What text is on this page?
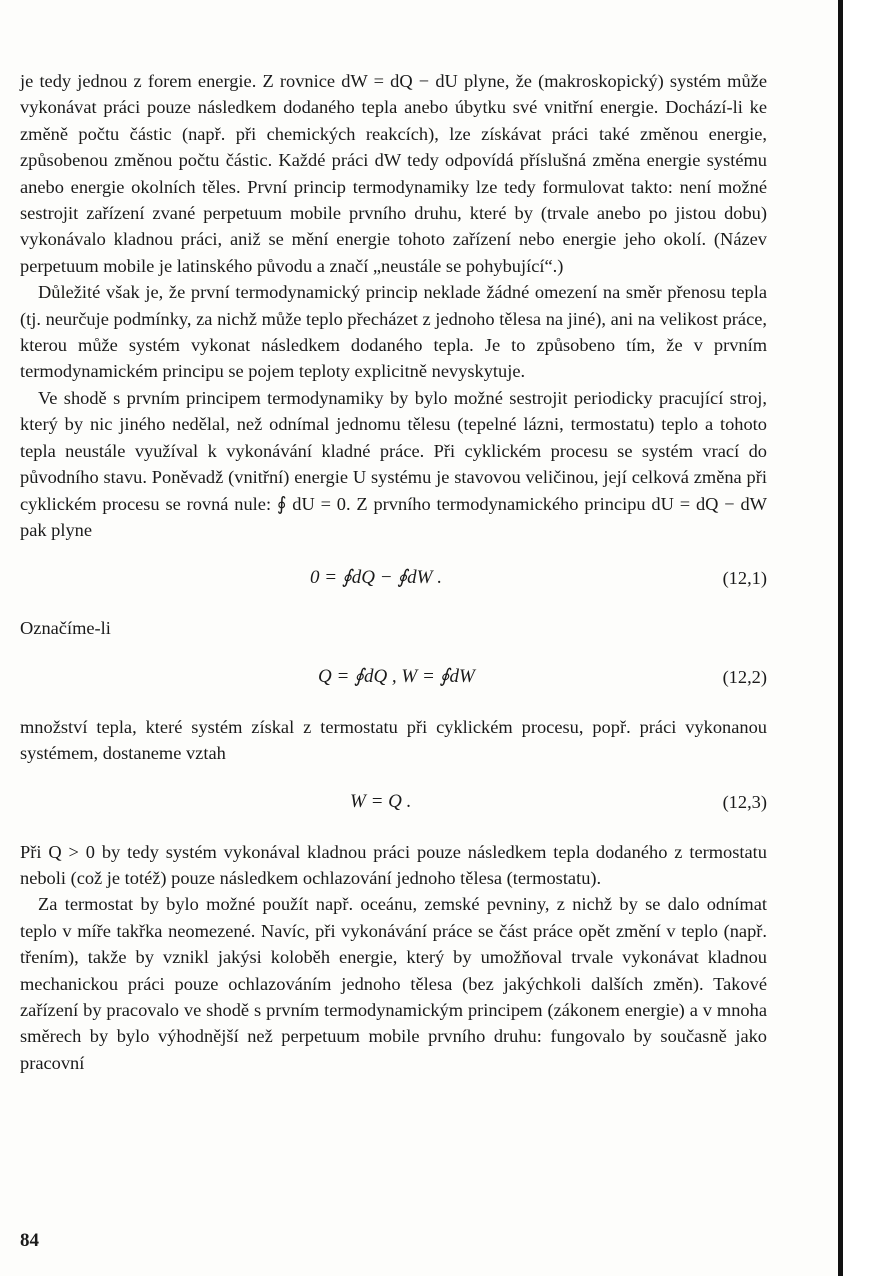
je tedy jednou z forem energie. Z rovnice dW = dQ − dU plyne, že (makroskopický) systém může vykonávat práci pouze následkem dodaného tepla anebo úbytku své vnitřní energie. Dochází-li ke změně počtu částic (např. při chemických reakcích), lze získávat práci také změnou energie, způsobenou změnou počtu částic. Každé práci dW tedy odpovídá příslušná změna energie systému anebo energie okolních těles. První princip termodynamiky lze tedy formulovat takto: není možné sestrojit zařízení zvané perpetuum mobile prvního druhu, které by (trvale anebo po jistou dobu) vykonávalo kladnou práci, aniž se mění energie tohoto zařízení nebo energie jeho okolí. (Název perpetuum mobile je latinského původu a značí „neustále se pohybující“.)

Důležité však je, že první termodynamický princip neklade žádné omezení na směr přenosu tepla (tj. neurčuje podmínky, za nichž může teplo přecházet z jednoho tělesa na jiné), ani na velikost práce, kterou může systém vykonat následkem dodaného tepla. Je to způsobeno tím, že v prvním termodynamickém principu se pojem teploty explicitně nevyskytuje.

Ve shodě s prvním principem termodynamiky by bylo možné sestrojit periodicky pracující stroj, který by nic jiného nedělal, než odnímal jednomu tělesu (tepelné lázni, termostatu) teplo a tohoto tepla neustále využíval k vykonávání kladné práce. Při cyklickém procesu se systém vrací do původního stavu. Poněvadž (vnitřní) energie U systému je stavovou veličinou, její celková změna při cyklickém procesu se rovná nule: ∮ dU = 0. Z prvního termodynamického principu dU = dQ − dW pak plyne

0 = ∮dQ − ∮dW .	(12,1)

Označíme-li

Q = ∮dQ , W = ∮dW	(12,2)

množství tepla, které systém získal z termostatu při cyklickém procesu, popř. práci vykonanou systémem, dostaneme vztah

W = Q .	(12,3)

Při Q > 0 by tedy systém vykonával kladnou práci pouze následkem tepla dodaného z termostatu neboli (což je totéž) pouze následkem ochlazování jednoho tělesa (termostatu).

Za termostat by bylo možné použít např. oceánu, zemské pevniny, z nichž by se dalo odnímat teplo v míře takřka neomezené. Navíc, při vykonávání práce se část práce opět změní v teplo (např. třením), takže by vznikl jakýsi koloběh energie, který by umožňoval trvale vykonávat kladnou mechanickou práci pouze ochlazováním jednoho tělesa (bez jakýchkoli dalších změn). Takové zařízení by pracovalo ve shodě s prvním termodynamickým principem (zákonem energie) a v mnoha směrech by bylo výhodnější než perpetuum mobile prvního druhu: fungovalo by současně jako pracovní

84
